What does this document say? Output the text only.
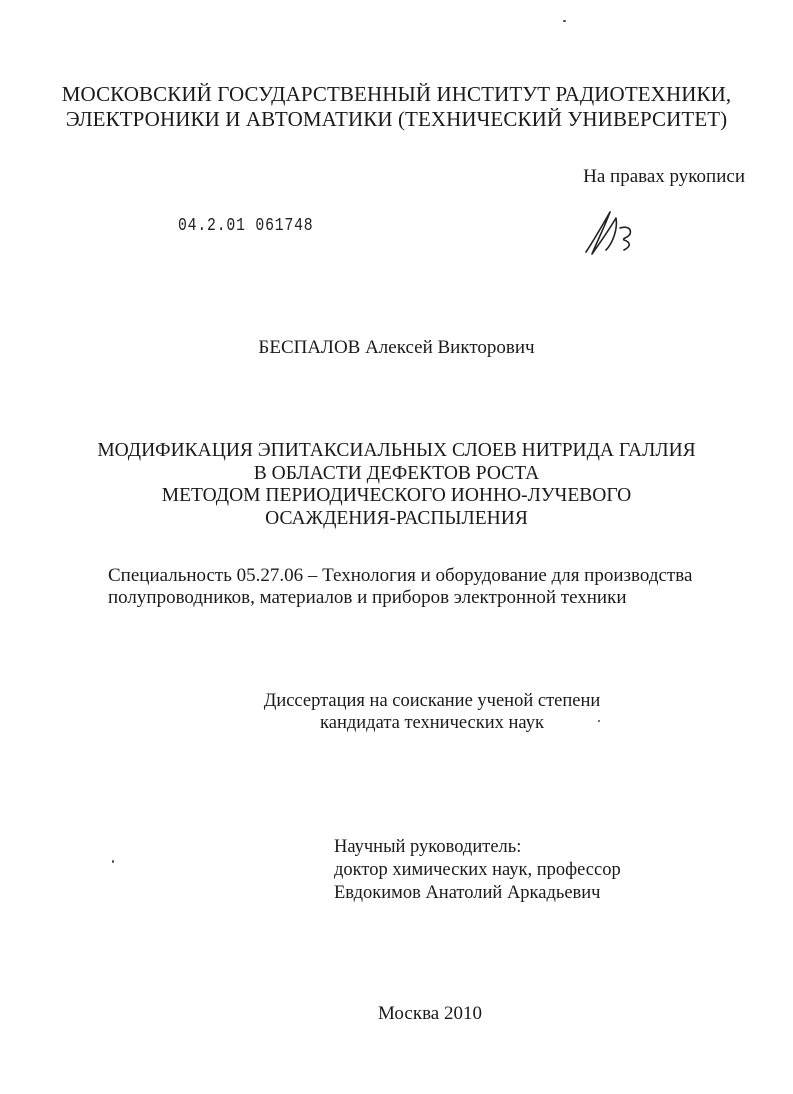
МОСКОВСКИЙ ГОСУДАРСТВЕННЫЙ ИНСТИТУТ РАДИОТЕХНИКИ,
ЭЛЕКТРОНИКИ И АВТОМАТИКИ (ТЕХНИЧЕСКИЙ УНИВЕРСИТЕТ)
На правах рукописи
04.2.01 061748
БЕСПАЛОВ Алексей Викторович
МОДИФИКАЦИЯ ЭПИТАКСИАЛЬНЫХ СЛОЕВ НИТРИДА ГАЛЛИЯ
В ОБЛАСТИ ДЕФЕКТОВ РОСТА
МЕТОДОМ ПЕРИОДИЧЕСКОГО ИОННО-ЛУЧЕВОГО
ОСАЖДЕНИЯ-РАСПЫЛЕНИЯ
Специальность 05.27.06 – Технология и оборудование для производства
полупроводников, материалов и приборов электронной техники
Диссертация на соискание ученой степени
кандидата технических наук
Научный руководитель:
доктор химических наук, профессор
Евдокимов Анатолий Аркадьевич
Москва 2010
